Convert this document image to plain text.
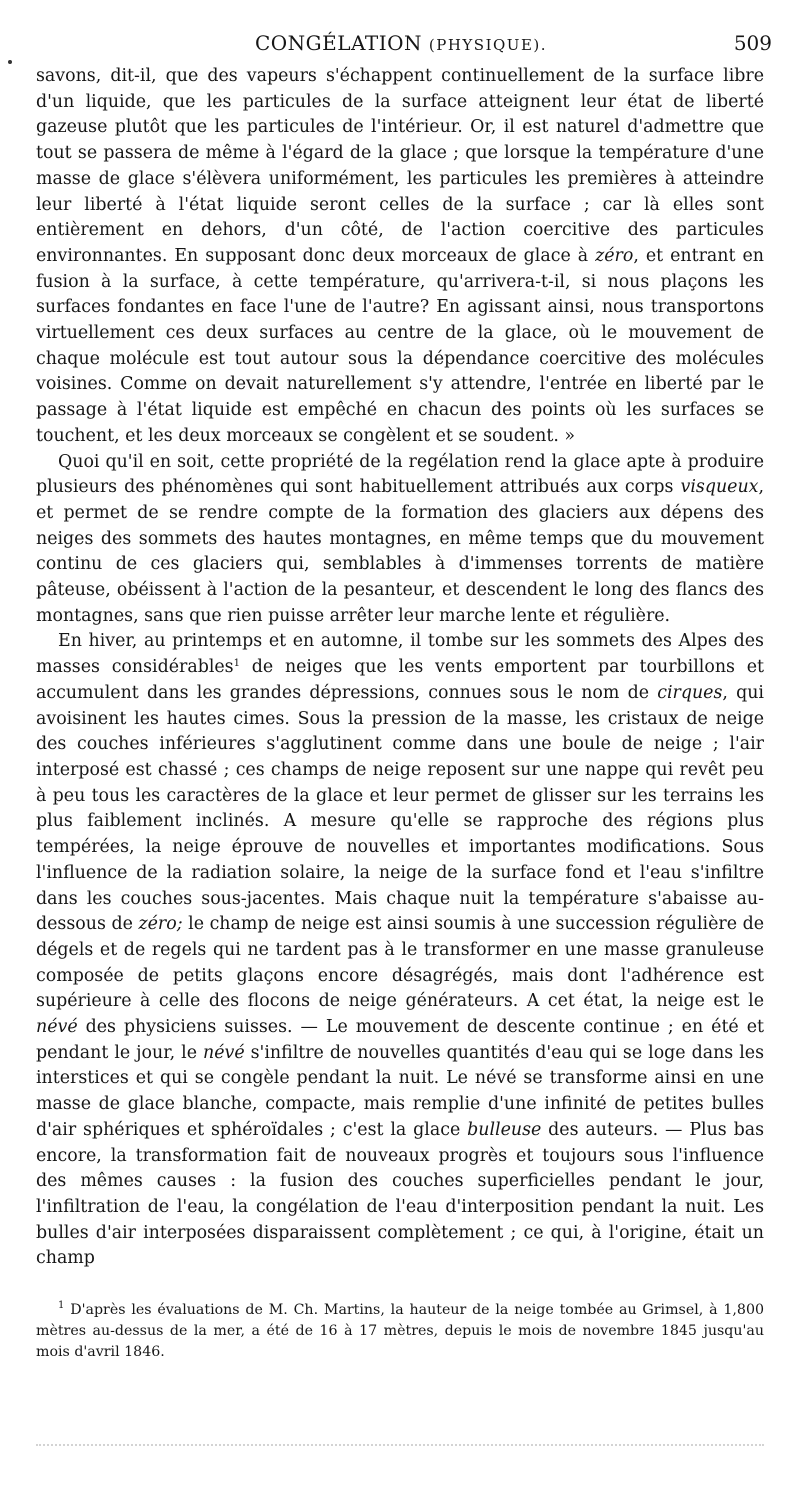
CONGÉLATION (PHYSIQUE).	509

savons, dit-il, que des vapeurs s'échappent continuellement de la surface libre d'un liquide, que les particules de la surface atteignent leur état de liberté gazeuse plutôt que les particules de l'intérieur. Or, il est naturel d'admettre que tout se passera de même à l'égard de la glace ; que lorsque la température d'une masse de glace s'élèvera uniformément, les particules les premières à atteindre leur liberté à l'état liquide seront celles de la surface ; car là elles sont entièrement en dehors, d'un côté, de l'action coercitive des particules environnantes. En supposant donc deux morceaux de glace à zéro, et entrant en fusion à la surface, à cette température, qu'arrivera-t-il, si nous plaçons les surfaces fondantes en face l'une de l'autre? En agissant ainsi, nous transportons virtuellement ces deux surfaces au centre de la glace, où le mouvement de chaque molécule est tout autour sous la dépendance coercitive des molécules voisines. Comme on devait naturellement s'y attendre, l'entrée en liberté par le passage à l'état liquide est empêché en chacun des points où les surfaces se touchent, et les deux morceaux se congèlent et se soudent. »

Quoi qu'il en soit, cette propriété de la regélation rend la glace apte à produire plusieurs des phénomènes qui sont habituellement attribués aux corps visqueux, et permet de se rendre compte de la formation des glaciers aux dépens des neiges des sommets des hautes montagnes, en même temps que du mouvement continu de ces glaciers qui, semblables à d'immenses torrents de matière pâteuse, obéissent à l'action de la pesanteur, et descendent le long des flancs des montagnes, sans que rien puisse arrêter leur marche lente et régulière.

En hiver, au printemps et en automne, il tombe sur les sommets des Alpes des masses considérables$^1$ de neiges que les vents emportent par tourbillons et accumulent dans les grandes dépressions, connues sous le nom de cirques, qui avoisinent les hautes cimes. Sous la pression de la masse, les cristaux de neige des couches inférieures s'agglutinent comme dans une boule de neige ; l'air interposé est chassé ; ces champs de neige reposent sur une nappe qui revêt peu à peu tous les caractères de la glace et leur permet de glisser sur les terrains les plus faiblement inclinés. A mesure qu'elle se rapproche des régions plus tempérées, la neige éprouve de nouvelles et importantes modifications. Sous l'influence de la radiation solaire, la neige de la surface fond et l'eau s'infiltre dans les couches sous-jacentes. Mais chaque nuit la température s'abaisse au-dessous de zéro; le champ de neige est ainsi soumis à une succession régulière de dégels et de regels qui ne tardent pas à le transformer en une masse granuleuse composée de petits glaçons encore désagrégés, mais dont l'adhérence est supérieure à celle des flocons de neige générateurs. A cet état, la neige est le névé des physiciens suisses. — Le mouvement de descente continue ; en été et pendant le jour, le névé s'infiltre de nouvelles quantités d'eau qui se loge dans les interstices et qui se congèle pendant la nuit. Le névé se transforme ainsi en une masse de glace blanche, compacte, mais remplie d'une infinité de petites bulles d'air sphériques et sphéroïdales ; c'est la glace bulleuse des auteurs. — Plus bas encore, la transformation fait de nouveaux progrès et toujours sous l'influence des mêmes causes : la fusion des couches superficielles pendant le jour, l'infiltration de l'eau, la congélation de l'eau d'interposition pendant la nuit. Les bulles d'air interposées disparaissent complètement ; ce qui, à l'origine, était un champ

$^1$ D'après les évaluations de M. Ch. Martins, la hauteur de la neige tombée au Grimsel, à 1,800 mètres au-dessus de la mer, a été de 16 à 17 mètres, depuis le mois de novembre 1845 jusqu'au mois d'avril 1846.
